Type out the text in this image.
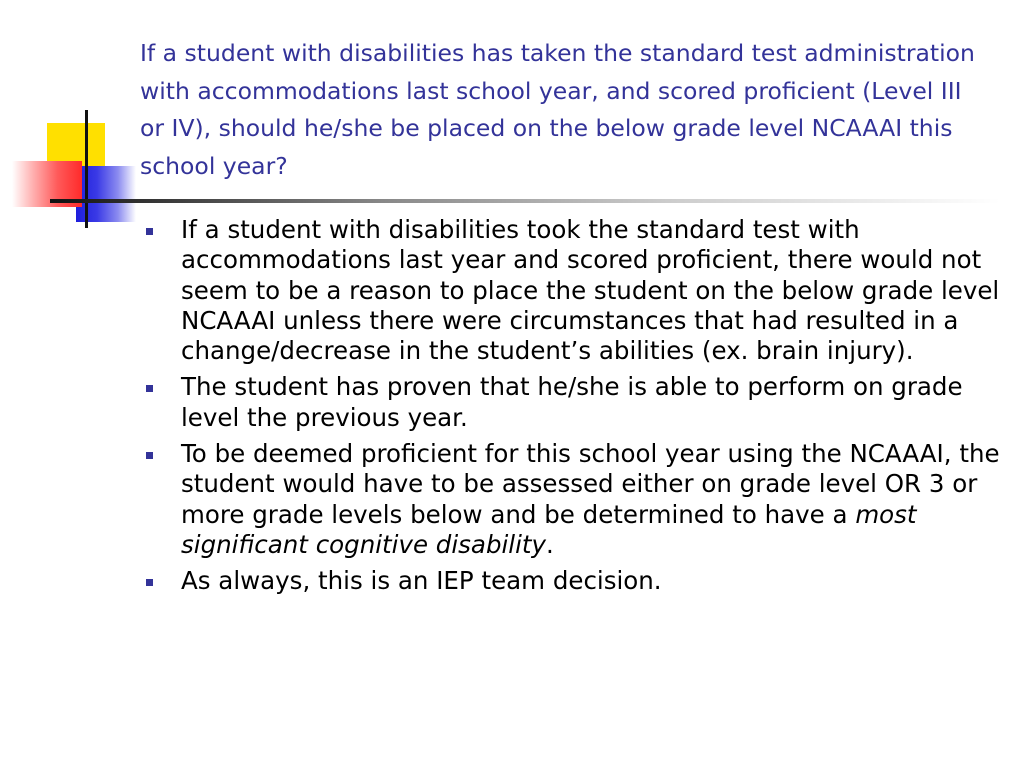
If a student with disabilities has taken the standard test administration with accommodations last school year, and scored proficient (Level III or IV), should he/she be placed on the below grade level NCAAAI this school year?
If a student with disabilities took the standard test with accommodations last year and scored proficient, there would not seem to be a reason to place the student on the below grade level NCAAAI unless there were circumstances that had resulted in a change/decrease in the student’s abilities (ex. brain injury).
The student has proven that he/she is able to perform on grade level the previous year.
To be deemed proficient for this school year using the NCAAAI, the student would have to be assessed either on grade level OR 3 or more grade levels below and be determined to have a most significant cognitive disability.
As always, this is an IEP team decision.
